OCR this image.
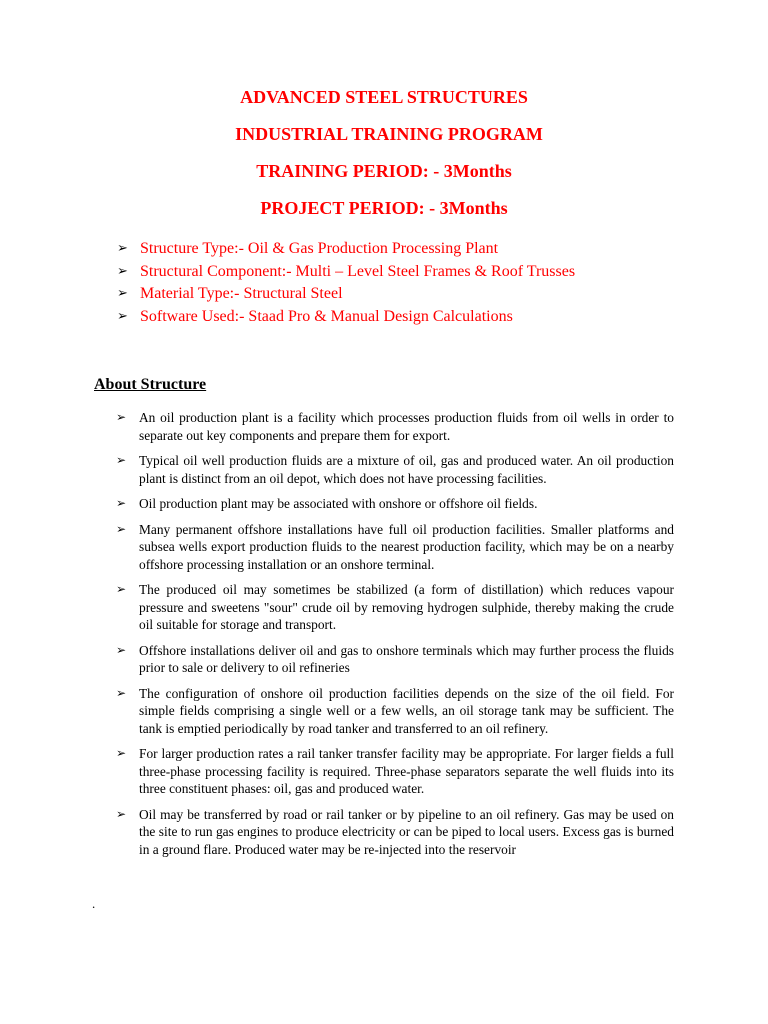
ADVANCED STEEL STRUCTURES
INDUSTRIAL TRAINING PROGRAM
TRAINING PERIOD: - 3Months
PROJECT PERIOD: - 3Months
➢ Structure Type:- Oil & Gas Production Processing Plant
➢ Structural Component:- Multi – Level Steel Frames & Roof Trusses
➢ Material Type:- Structural Steel
➢ Software Used:- Staad Pro & Manual Design Calculations
About Structure
➢ An oil production plant is a facility which processes production fluids from oil wells in order to separate out key components and prepare them for export.
➢ Typical oil well production fluids are a mixture of oil, gas and produced water. An oil production plant is distinct from an oil depot, which does not have processing facilities.
➢ Oil production plant may be associated with onshore or offshore oil fields.
➢ Many permanent offshore installations have full oil production facilities. Smaller platforms and subsea wells export production fluids to the nearest production facility, which may be on a nearby offshore processing installation or an onshore terminal.
➢ The produced oil may sometimes be stabilized (a form of distillation) which reduces vapour pressure and sweetens "sour" crude oil by removing hydrogen sulphide, thereby making the crude oil suitable for storage and transport.
➢ Offshore installations deliver oil and gas to onshore terminals which may further process the fluids prior to sale or delivery to oil refineries
➢ The configuration of onshore oil production facilities depends on the size of the oil field. For simple fields comprising a single well or a few wells, an oil storage tank may be sufficient. The tank is emptied periodically by road tanker and transferred to an oil refinery.
➢ For larger production rates a rail tanker transfer facility may be appropriate. For larger fields a full three-phase processing facility is required. Three-phase separators separate the well fluids into its three constituent phases: oil, gas and produced water.
➢ Oil may be transferred by road or rail tanker or by pipeline to an oil refinery. Gas may be used on the site to run gas engines to produce electricity or can be piped to local users. Excess gas is burned in a ground flare. Produced water may be re-injected into the reservoir
.
